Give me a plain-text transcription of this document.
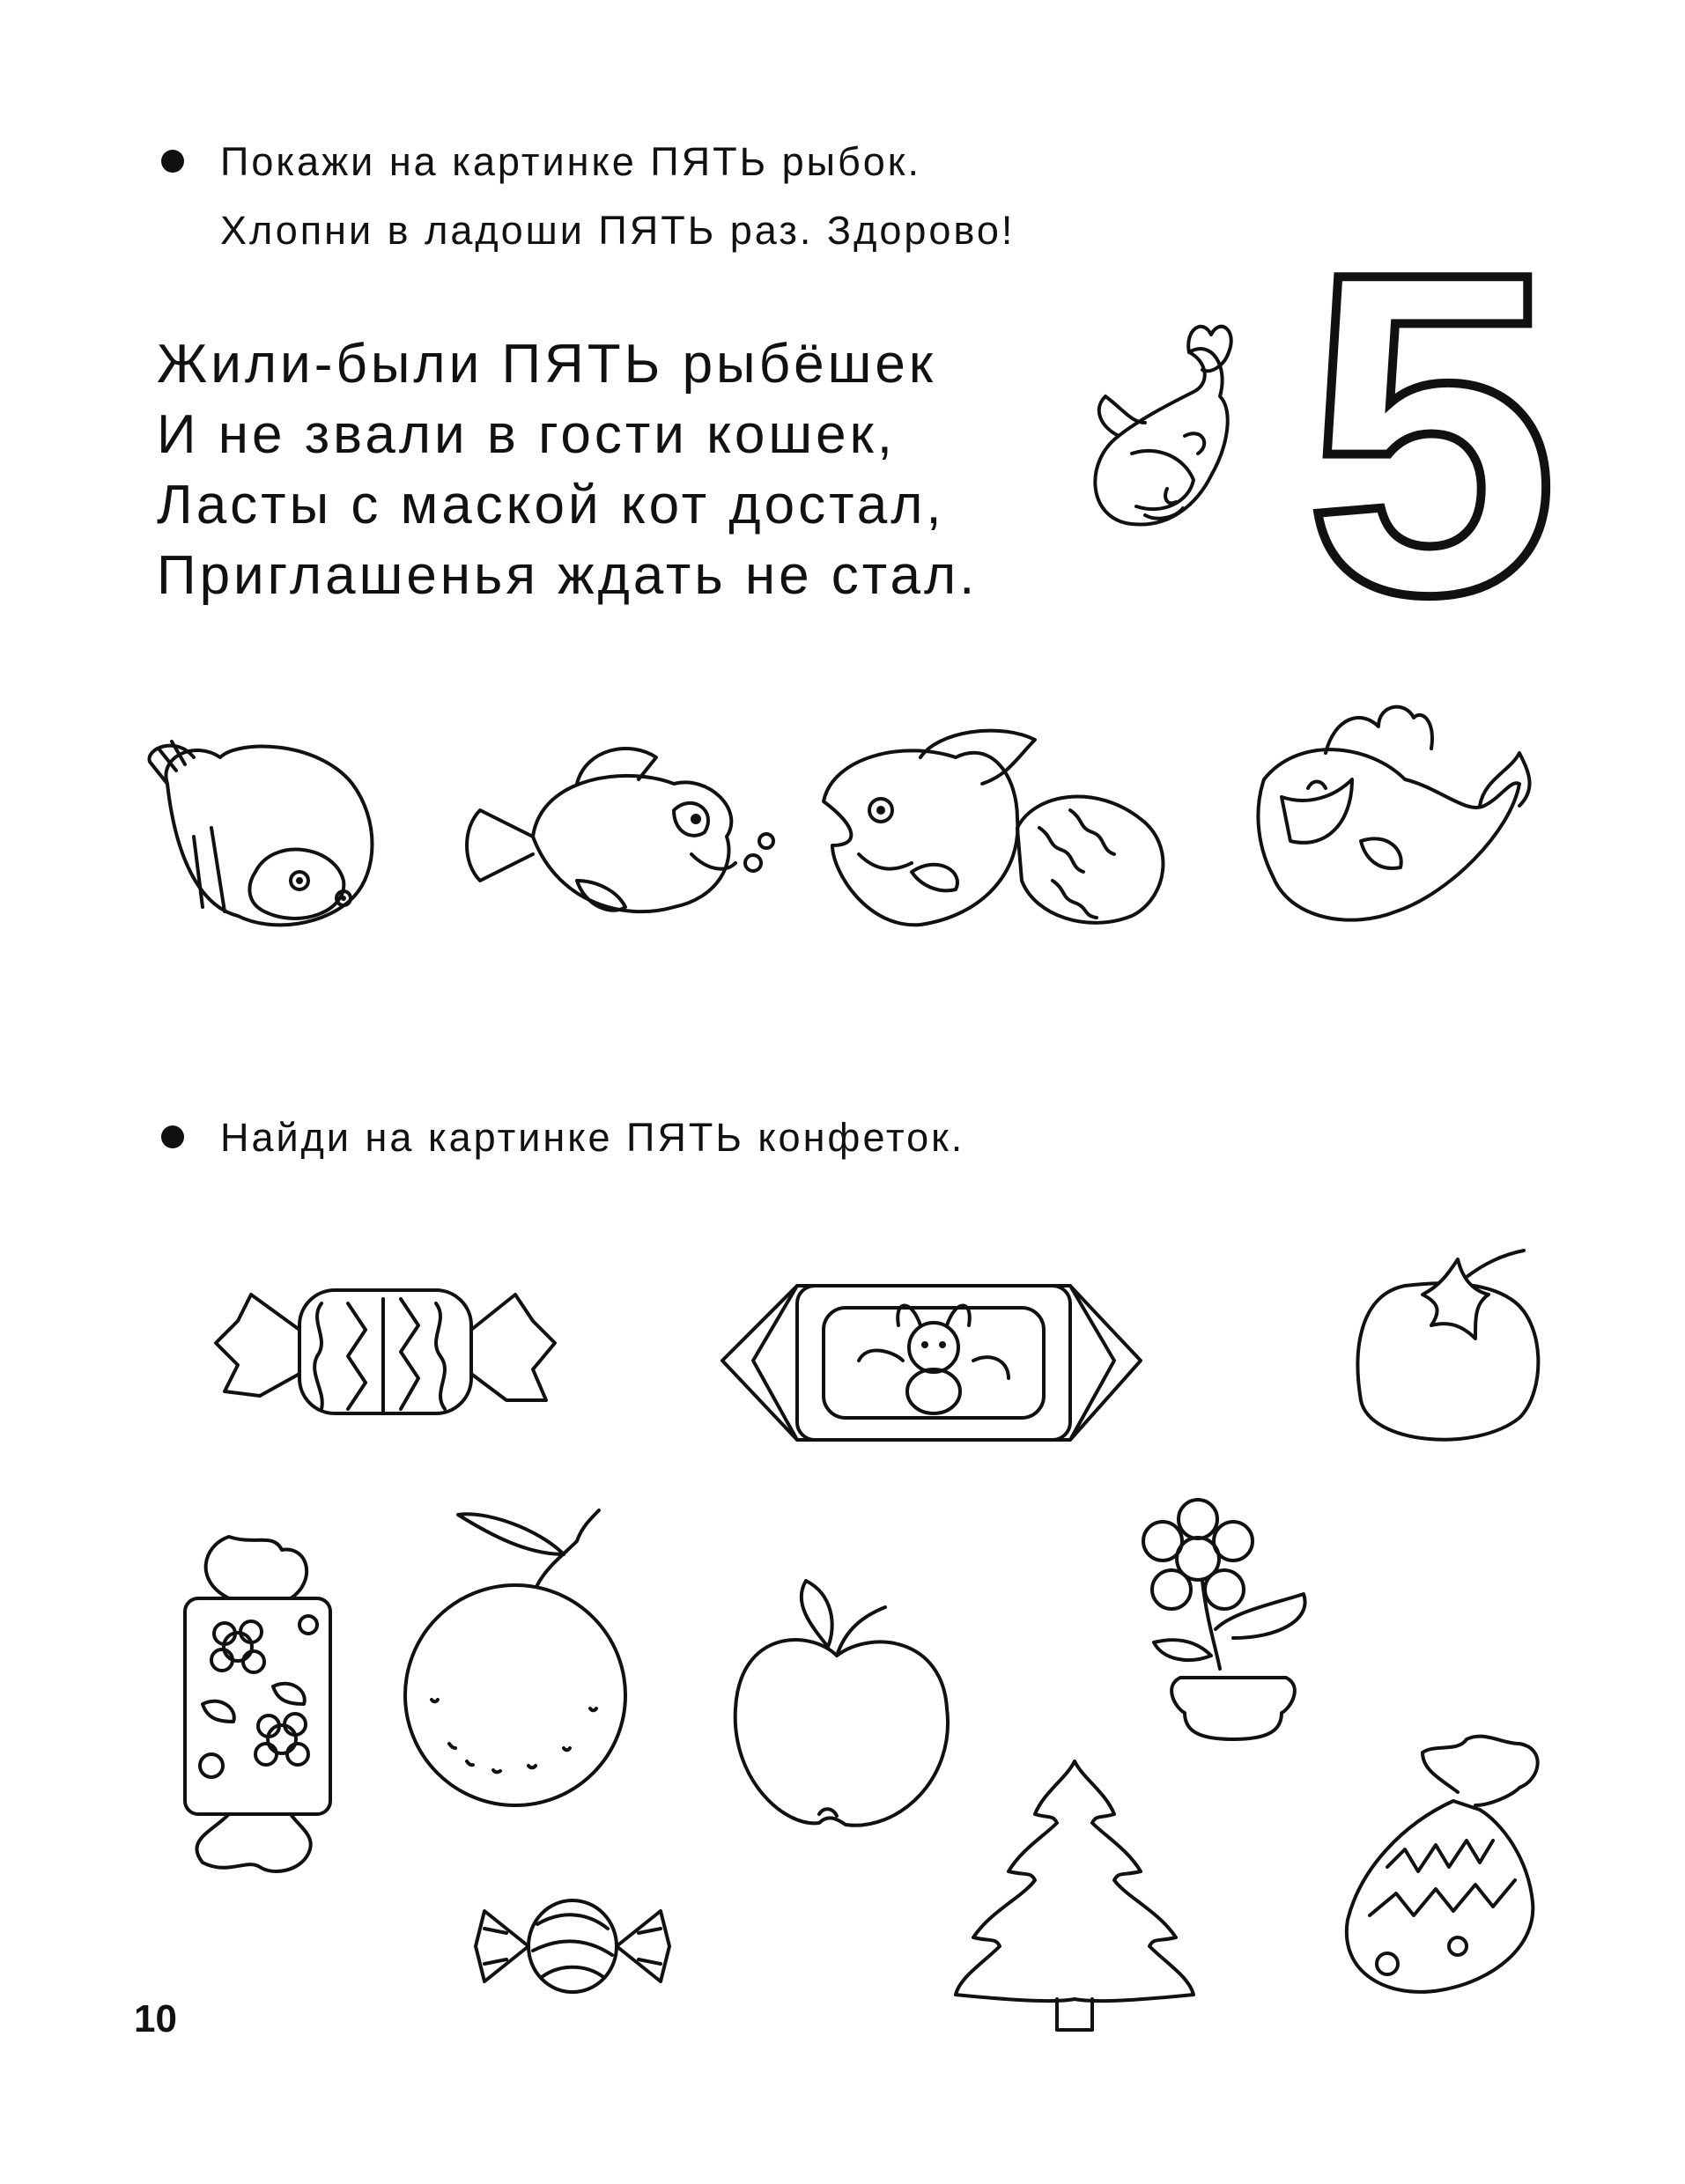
Покажи на картинке ПЯТЬ рыбок.
Хлопни в ладоши ПЯТЬ раз. Здорово!
Жили-были ПЯТЬ рыбёшек
И не звали в гости кошек,
Ласты с маской кот достал,
Приглашенья ждать не стал. 5
Найди на картинке ПЯТЬ конфеток.
10
